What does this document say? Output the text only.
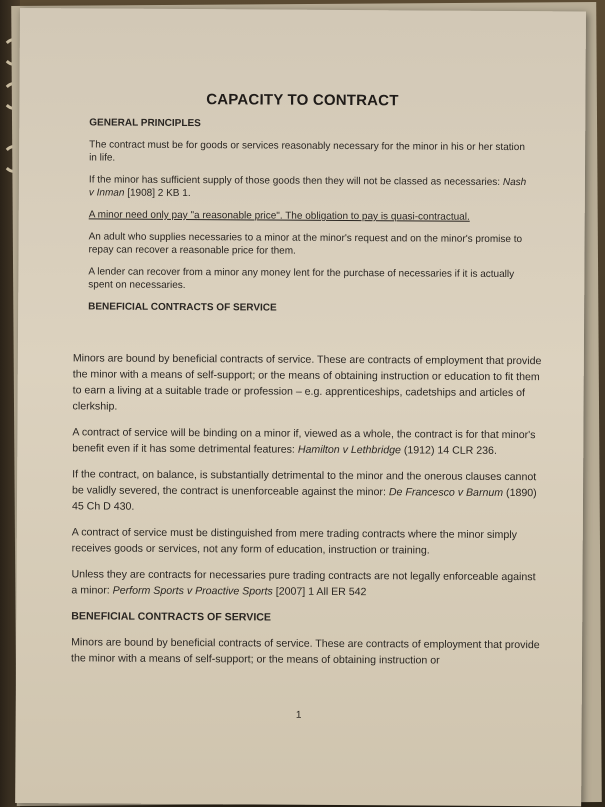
CAPACITY TO CONTRACT
GENERAL PRINCIPLES

The contract must be for goods or services reasonably necessary for the minor in his or her station in life.

If the minor has sufficient supply of those goods then they will not be classed as necessaries: Nash v Inman [1908] 2 KB 1.

A minor need only pay "a reasonable price". The obligation to pay is quasi-contractual.

An adult who supplies necessaries to a minor at the minor's request and on the minor's promise to repay can recover a reasonable price for them.

A lender can recover from a minor any money lent for the purchase of necessaries if it is actually spent on necessaries.

BENEFICIAL CONTRACTS OF SERVICE

Minors are bound by beneficial contracts of service. These are contracts of employment that provide the minor with a means of self-support; or the means of obtaining instruction or education to fit them to earn a living at a suitable trade or profession – e.g. apprenticeships, cadetships and articles of clerkship.

A contract of service will be binding on a minor if, viewed as a whole, the contract is for that minor's benefit even if it has some detrimental features: Hamilton v Lethbridge (1912) 14 CLR 236.

If the contract, on balance, is substantially detrimental to the minor and the onerous clauses cannot be validly severed, the contract is unenforceable against the minor: De Francesco v Barnum (1890) 45 Ch D 430.

A contract of service must be distinguished from mere trading contracts where the minor simply receives goods or services, not any form of education, instruction or training.

Unless they are contracts for necessaries pure trading contracts are not legally enforceable against a minor: Perform Sports v Proactive Sports [2007] 1 All ER 542

BENEFICIAL CONTRACTS OF SERVICE

Minors are bound by beneficial contracts of service. These are contracts of employment that provide the minor with a means of self-support; or the means of obtaining instruction or

1
